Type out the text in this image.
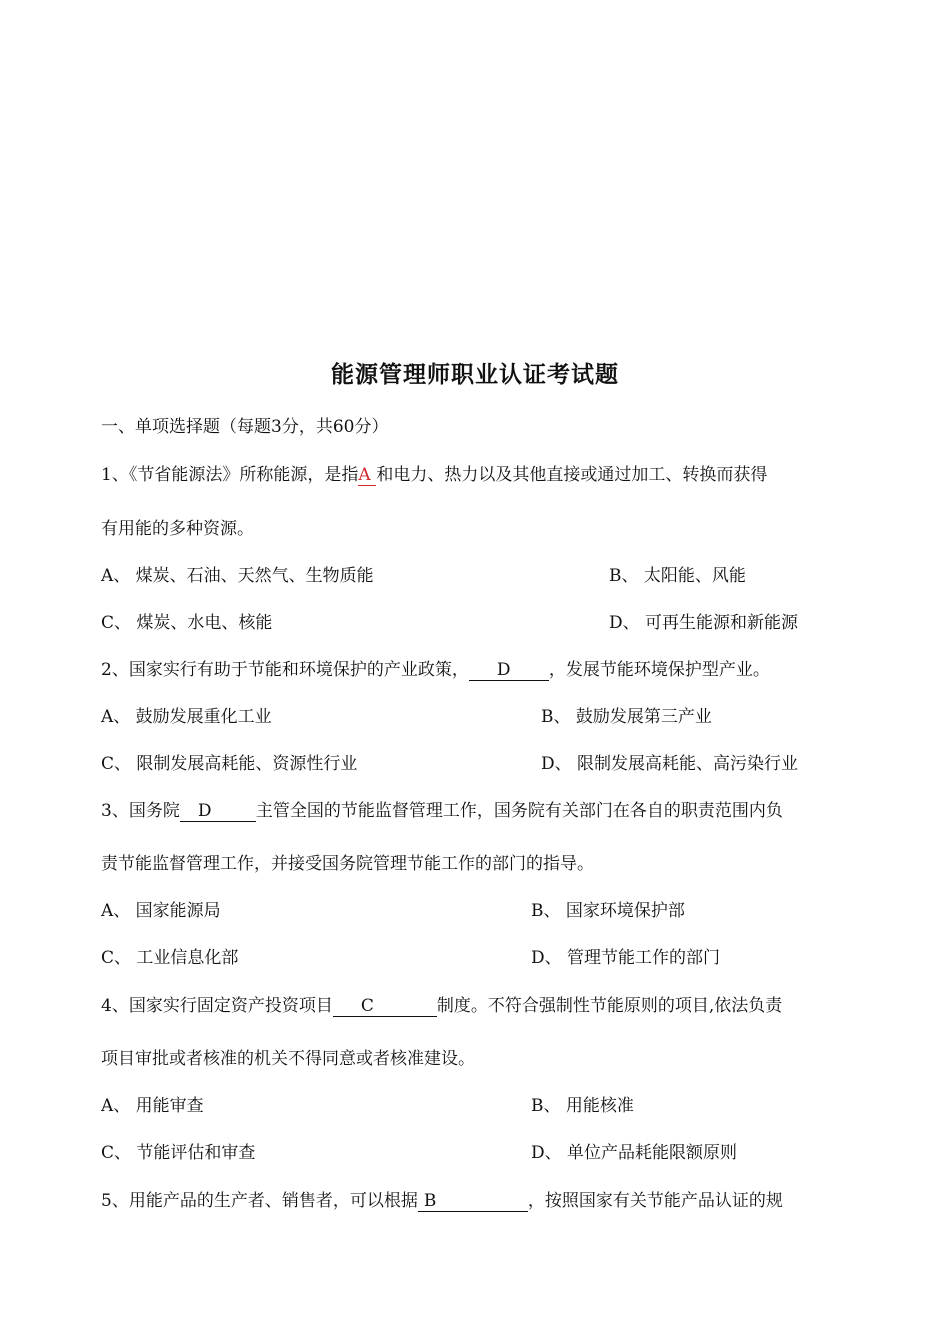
能源管理师职业认证考试题
一、单项选择题（每题3分，共60分）
1、《节省能源法》所称能源，是指A 和电力、热力以及其他直接或通过加工、转换而获得
有用能的多种资源。
A、 煤炭、石油、天然气、生物质能	B、 太阳能、风能
C、 煤炭、水电、核能	D、 可再生能源和新能源
2、国家实行有助于节能和环境保护的产业政策， D ，发展节能环境保护型产业。
A、 鼓励发展重化工业	B、 鼓励发展第三产业
C、 限制发展高耗能、资源性行业	D、 限制发展高耗能、高污染行业
3、国务院 D	主管全国的节能监督管理工作，国务院有关部门在各自的职责范围内负
责节能监督管理工作，并接受国务院管理节能工作的部门的指导。
A、 国家能源局	B、 国家环境保护部
C、 工业信息化部	D、 管理节能工作的部门
4、国家实行固定资产投资项目 C	制度。不符合强制性节能原则的项目,依法负责
项目审批或者核准的机关不得同意或者核准建设。
A、 用能审查	B、 用能核准
C、 节能评估和审查	D、 单位产品耗能限额原则
5、用能产品的生产者、销售者，可以根据 B	，按照国家有关节能产品认证的规
